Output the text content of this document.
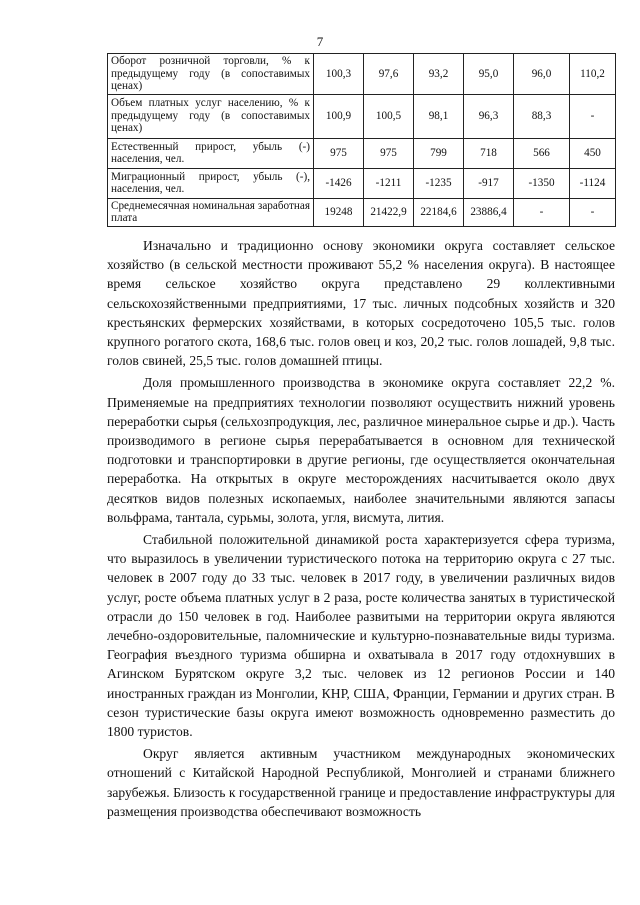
7
Оборот розничной торговли, % к предыдущему году (в сопоставимых ценах)	100,3	97,6	93,2	95,0	96,0	110,2
Объем платных услуг населению, % к предыдущему году (в сопоставимых ценах)	100,9	100,5	98,1	96,3	88,3	-
Естественный прирост, убыль (-) населения, чел.	975	975	799	718	566	450
Миграционный прирост, убыль (-), населения, чел.	-1426	-1211	-1235	-917	-1350	-1124
Среднемесячная номинальная заработная плата	19248	21422,9	22184,6	23886,4	-	-

Изначально и традиционно основу экономики округа составляет сельское хозяйство (в сельской местности проживают 55,2 % населения округа). В настоящее время сельское хозяйство округа представлено 29 коллективными сельскохозяйственными предприятиями, 17 тыс. личных подсобных хозяйств и 320 крестьянских фермерских хозяйствами, в которых сосредоточено 105,5 тыс. голов крупного рогатого скота, 168,6 тыс. голов овец и коз, 20,2 тыс. голов лошадей, 9,8 тыс. голов свиней, 25,5 тыс. голов домашней птицы.

Доля промышленного производства в экономике округа составляет 22,2 %. Применяемые на предприятиях технологии позволяют осуществить нижний уровень переработки сырья (сельхозпродукция, лес, различное минеральное сырье и др.). Часть производимого в регионе сырья перерабатывается в основном для технической подготовки и транспортировки в другие регионы, где осуществляется окончательная переработка. На открытых в округе месторождениях насчитывается около двух десятков видов полезных ископаемых, наиболее значительными являются запасы вольфрама, тантала, сурьмы, золота, угля, висмута, лития.

Стабильной положительной динамикой роста характеризуется сфера туризма, что выразилось в увеличении туристического потока на территорию округа с 27 тыс. человек в 2007 году до 33 тыс. человек в 2017 году, в увеличении различных видов услуг, росте объема платных услуг в 2 раза, росте количества занятых в туристической отрасли до 150 человек в год. Наиболее развитыми на территории округа являются лечебно-оздоровительные, паломнические и культурно-познавательные виды туризма. География въездного туризма обширна и охватывала в 2017 году отдохнувших в Агинском Бурятском округе 3,2 тыс. человек из 12 регионов России и 140 иностранных граждан из Монголии, КНР, США, Франции, Германии и других стран. В сезон туристические базы округа имеют возможность одновременно разместить до 1800 туристов.

Округ является активным участником международных экономических отношений с Китайской Народной Республикой, Монголией и странами ближнего зарубежья. Близость к государственной границе и предоставление инфраструктуры для размещения производства обеспечивают возможность
